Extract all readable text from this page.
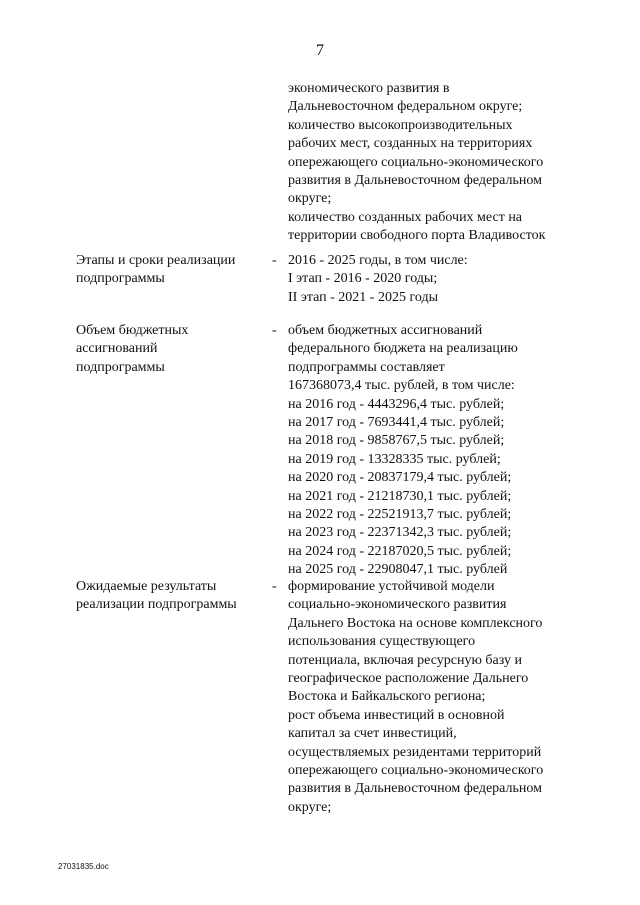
7
экономического развития в
Дальневосточном федеральном округе;
количество высокопроизводительных
рабочих мест, созданных на территориях
опережающего социально-экономического
развития в Дальневосточном федеральном
округе;
количество созданных рабочих мест на
территории свободного порта Владивосток
Этапы и сроки реализации
подпрограммы
- 2016 - 2025 годы, в том числе:
I этап - 2016 - 2020 годы;
II этап - 2021 - 2025 годы
Объем бюджетных
ассигнований
подпрограммы
- объем бюджетных ассигнований
федерального бюджета на реализацию
подпрограммы составляет
167368073,4 тыс. рублей, в том числе:
на 2016 год - 4443296,4 тыс. рублей;
на 2017 год - 7693441,4 тыс. рублей;
на 2018 год - 9858767,5 тыс. рублей;
на 2019 год - 13328335 тыс. рублей;
на 2020 год - 20837179,4 тыс. рублей;
на 2021 год - 21218730,1 тыс. рублей;
на 2022 год - 22521913,7 тыс. рублей;
на 2023 год - 22371342,3 тыс. рублей;
на 2024 год - 22187020,5 тыс. рублей;
на 2025 год - 22908047,1 тыс. рублей
Ожидаемые результаты
реализации подпрограммы
- формирование устойчивой модели
социально-экономического развития
Дальнего Востока на основе комплексного
использования существующего
потенциала, включая ресурсную базу и
географическое расположение Дальнего
Востока и Байкальского региона;
рост объема инвестиций в основной
капитал за счет инвестиций,
осуществляемых резидентами территорий
опережающего социально-экономического
развития в Дальневосточном федеральном
округе;
27031835.doc
